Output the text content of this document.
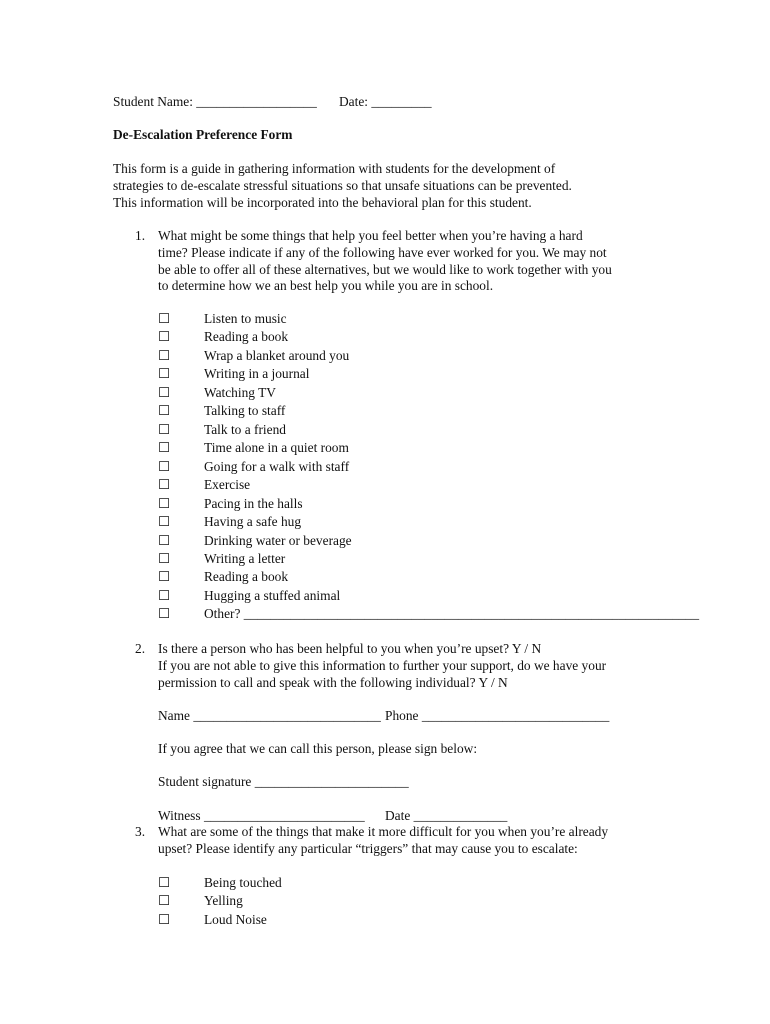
Student Name: __________________ Date: _________
De-Escalation Preference Form
This form is a guide in gathering information with students for the development of
strategies to de-escalate stressful situations so that unsafe situations can be prevented.
This information will be incorporated into the behavioral plan for this student.
1. What might be some things that help you feel better when you’re having a hard
time? Please indicate if any of the following have ever worked for you. We may not
be able to offer all of these alternatives, but we would like to work together with you
to determine how we an best help you while you are in school.
☐	Listen to music
☐	Reading a book
☐	Wrap a blanket around you
☐	Writing in a journal
☐	Watching TV
☐	Talking to staff
☐	Talk to a friend
☐	Time alone in a quiet room
☐	Going for a walk with staff
☐	Exercise
☐	Pacing in the halls
☐	Having a safe hug
☐	Drinking water or beverage
☐	Writing a letter
☐	Reading a book
☐	Hugging a stuffed animal
☐	Other? ____________________________________________________________________
2. Is there a person who has been helpful to you when you’re upset? Y / N
If you are not able to give this information to further your support, do we have your
permission to call and speak with the following individual? Y / N
Name ____________________________ Phone ____________________________
If you agree that we can call this person, please sign below:
Student signature _______________________
Witness ________________________ Date ______________
3. What are some of the things that make it more difficult for you when you’re already
upset? Please identify any particular “triggers” that may cause you to escalate:
☐	Being touched
☐	Yelling
☐	Loud Noise
